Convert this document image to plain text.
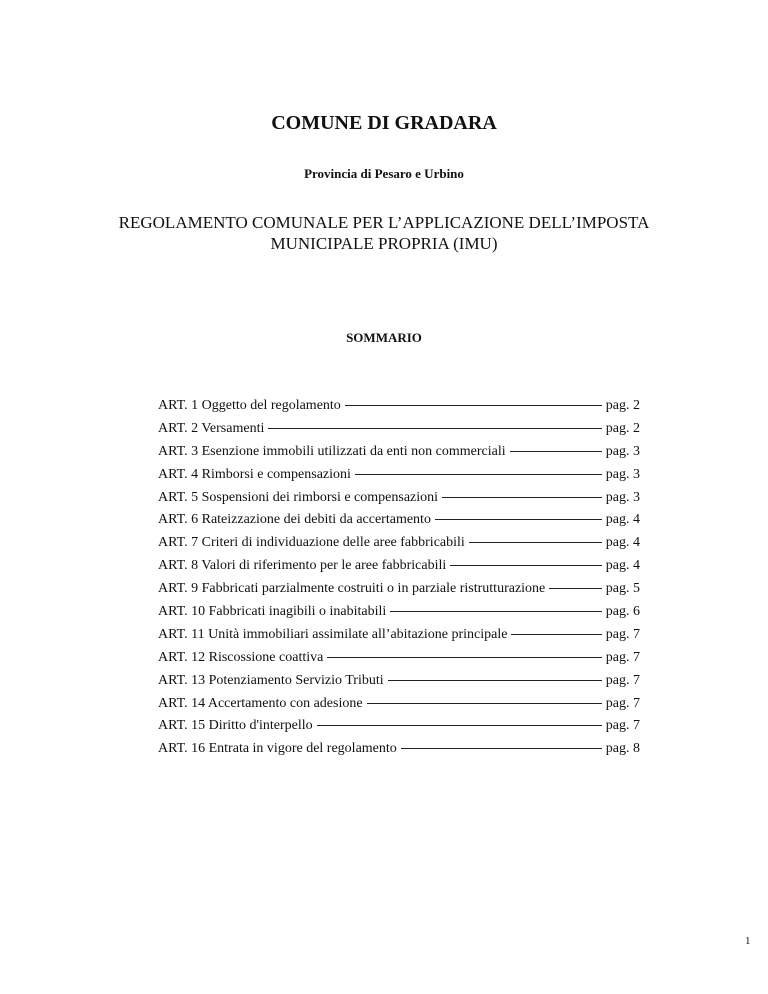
COMUNE DI GRADARA
Provincia di Pesaro e Urbino
REGOLAMENTO COMUNALE PER L’APPLICAZIONE DELL’IMPOSTA
MUNICIPALE PROPRIA (IMU)
SOMMARIO
ART. 1 Oggetto del regolamento	pag. 2
ART. 2 Versamenti	pag. 2
ART. 3 Esenzione immobili utilizzati da enti non commerciali	pag. 3
ART. 4 Rimborsi e compensazioni	pag. 3
ART. 5 Sospensioni dei rimborsi e compensazioni	pag. 3
ART. 6 Rateizzazione dei debiti da accertamento	pag. 4
ART. 7 Criteri di individuazione delle aree fabbricabili	pag. 4
ART. 8 Valori di riferimento per le aree fabbricabili	pag. 4
ART. 9 Fabbricati parzialmente costruiti o in parziale ristrutturazione	pag. 5
ART. 10 Fabbricati inagibili o inabitabili	pag. 6
ART. 11 Unità immobiliari assimilate all’abitazione principale	pag. 7
ART. 12 Riscossione coattiva	pag. 7
ART. 13 Potenziamento Servizio Tributi	pag. 7
ART. 14 Accertamento con adesione	pag. 7
ART. 15 Diritto d'interpello	pag. 7
ART. 16 Entrata in vigore del regolamento	pag. 8
1
